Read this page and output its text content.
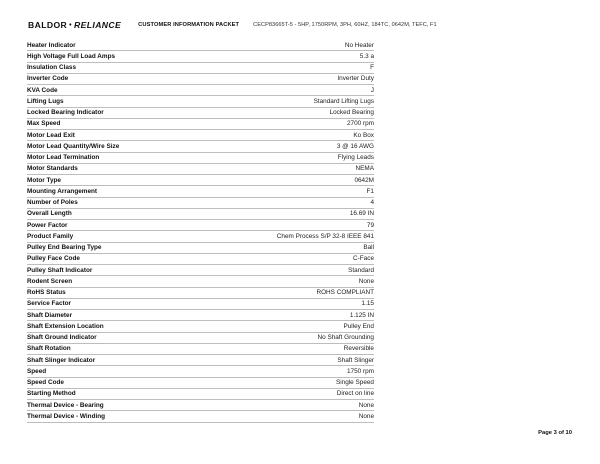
BALDOR • RELIANCE	CUSTOMER INFORMATION PACKET	CECP83665T-5 - 5HP, 1750RPM, 3PH, 60HZ, 184TC, 0642M, TEFC, F1
Heater Indicator	No Heater
High Voltage Full Load Amps	5.3 a
Insulation Class	F
Inverter Code	Inverter Duty
KVA Code	J
Lifting Lugs	Standard Lifting Lugs
Locked Bearing Indicator	Locked Bearing
Max Speed	2700 rpm
Motor Lead Exit	Ko Box
Motor Lead Quantity/Wire Size	3 @ 16 AWG
Motor Lead Termination	Flying Leads
Motor Standards	NEMA
Motor Type	0642M
Mounting Arrangement	F1
Number of Poles	4
Overall Length	16.69 IN
Power Factor	79
Product Family	Chem Process S/P 32-8 IEEE 841
Pulley End Bearing Type	Ball
Pulley Face Code	C-Face
Pulley Shaft Indicator	Standard
Rodent Screen	None
RoHS Status	ROHS COMPLIANT
Service Factor	1.15
Shaft Diameter	1.125 IN
Shaft Extension Location	Pulley End
Shaft Ground Indicator	No Shaft Grounding
Shaft Rotation	Reversible
Shaft Slinger Indicator	Shaft Slinger
Speed	1750 rpm
Speed Code	Single Speed
Starting Method	Direct on line
Thermal Device - Bearing	None
Thermal Device - Winding	None
Page 3 of 10
